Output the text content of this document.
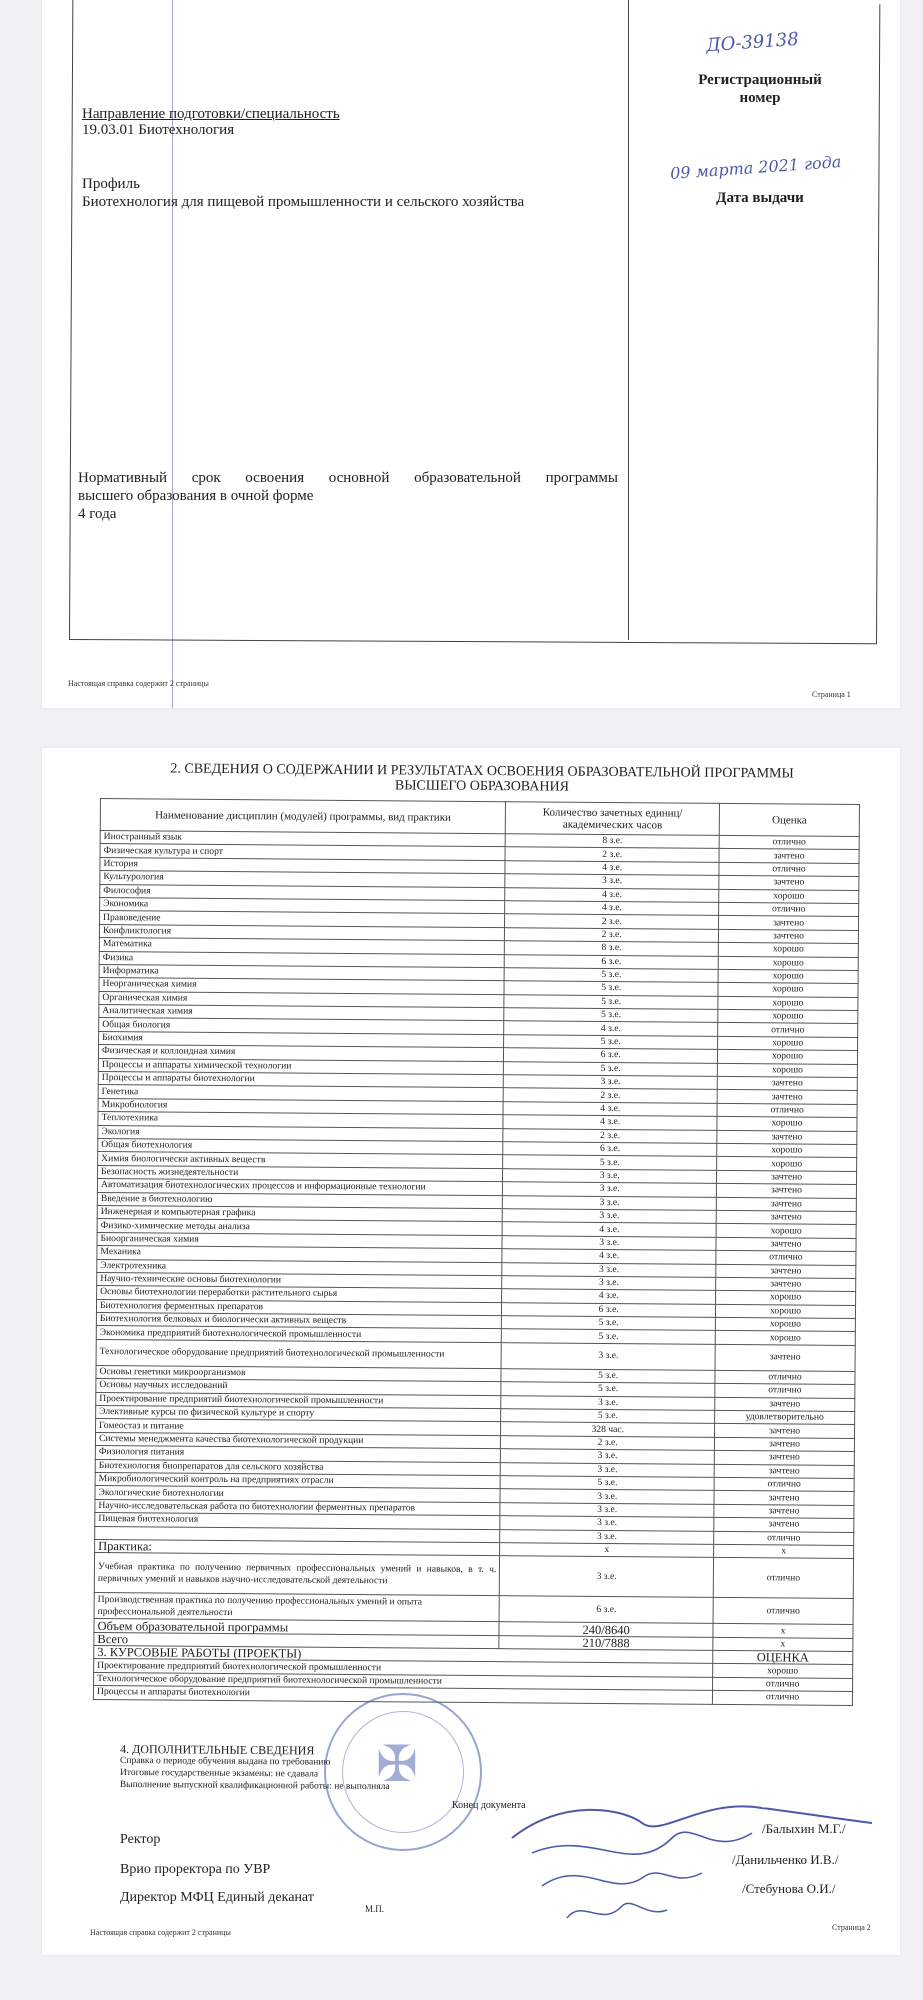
Направление подготовки/специальность
19.03.01 Биотехнология
Профиль
Биотехнология для пищевой промышленности и сельского хозяйства
Нормативный срок освоения основной образовательной программы
высшего образования в очной форме
4 года
ДО-39138
Регистрационный
номер
09 марта 2021 года
Дата выдачи
Настоящая справка содержит 2 страницы
Страница 1
2. СВЕДЕНИЯ О СОДЕРЖАНИИ И РЕЗУЛЬТАТАХ ОСВОЕНИЯ ОБРАЗОВАТЕЛЬНОЙ ПРОГРАММЫ
ВЫСШЕГО ОБРАЗОВАНИЯ
Наименование дисциплин (модулей) программы, вид практики	Количество зачетных единиц/ академических часов	Оценка
Иностранный язык	8 з.е.	отлично
Физическая культура и спорт	2 з.е.	зачтено
История	4 з.е.	отлично
Культурология	3 з.е.	зачтено
Философия	4 з.е.	хорошо
Экономика	4 з.е.	отлично
Правоведение	2 з.е.	зачтено
Конфликтология	2 з.е.	зачтено
Математика	8 з.е.	хорошо
Физика	6 з.е.	хорошо
Информатика	5 з.е.	хорошо
Неорганическая химия	5 з.е.	хорошо
Органическая химия	5 з.е.	хорошо
Аналитическая химия	5 з.е.	хорошо
Общая биология	4 з.е.	отлично
Биохимия	5 з.е.	хорошо
Физическая и коллоидная химия	6 з.е.	хорошо
Процессы и аппараты химической технологии	5 з.е.	хорошо
Процессы и аппараты биотехнологии	3 з.е.	зачтено
Генетика	2 з.е.	зачтено
Микробиология	4 з.е.	отлично
Теплотехника	4 з.е.	хорошо
Экология	2 з.е.	зачтено
Общая биотехнология	6 з.е.	хорошо
Химия биологически активных веществ	5 з.е.	хорошо
Безопасность жизнедеятельности	3 з.е.	зачтено
Автоматизация биотехнологических процессов и информационные технологии	3 з.е.	зачтено
Введение в биотехнологию	3 з.е.	зачтено
Инженерная и компьютерная графика	3 з.е.	зачтено
Физико-химические методы анализа	4 з.е.	хорошо
Биоорганическая химия	3 з.е.	зачтено
Механика	4 з.е.	отлично
Электротехника	3 з.е.	зачтено
Научно-технические основы биотехнологии	3 з.е.	зачтено
Основы биотехнологии переработки растительного сырья	4 з.е.	хорошо
Биотехнология ферментных препаратов	6 з.е.	хорошо
Биотехнология белковых и биологически активных веществ	5 з.е.	хорошо
Экономика предприятий биотехнологической промышленности	5 з.е.	хорошо
Технологическое оборудование предприятий биотехнологической промышленности	3 з.е.	зачтено
Основы генетики микроорганизмов	5 з.е.	отлично
Основы научных исследований	5 з.е.	отлично
Проектирование предприятий биотехнологической промышленности	3 з.е.	зачтено
Элективные курсы по физической культуре и спорту	5 з.е.	удовлетворительно
Гомеостаз и питание	328 час.	зачтено
Системы менеджмента качества биотехнологической продукции	2 з.е.	зачтено
Физиология питания	3 з.е.	зачтено
Биотехнология биопрепаратов для сельского хозяйства	3 з.е.	зачтено
Микробиологический контроль на предприятиях отрасли	5 з.е.	отлично
Экологические биотехнологии	3 з.е.	зачтено
Научно-исследовательская работа по биотехнологии ферментных препаратов	3 з.е.	зачтено
Пищевая биотехнология	3 з.е.	зачтено
	3 з.е.	отлично
Практика:	х	х
Учебная практика по получению первичных профессиональных умений и навыков, в т. ч. первичных умений и навыков научно-исследовательской деятельности	3 з.е.	отлично
Производственная практика по получению профессиональных умений и опыта профессиональной деятельности	6 з.е.	отлично
Объем образовательной программы	240/8640	х
Всего	210/7888	х
3. КУРСОВЫЕ РАБОТЫ (ПРОЕКТЫ)		ОЦЕНКА
Проектирование предприятий биотехнологической промышленности		хорошо
Технологическое оборудование предприятий биотехнологической промышленности		отлично
Процессы и аппараты биотехнологии		отлично
✠
4. ДОПОЛНИТЕЛЬНЫЕ СВЕДЕНИЯ
Справка о периоде обучения выдана по требованию
Итоговые государственные экзамены: не сдавала
Выполнение выпускной квалификационной работы: не выполняла
Конец документа
Ректор
/Балыхин М.Г./
Врио проректора по УВР
/Данильченко И.В./
Директор МФЦ Единый деканат
/Стебунова О.И./
М.П.
Настоящая справка содержит 2 страницы
Страница 2
